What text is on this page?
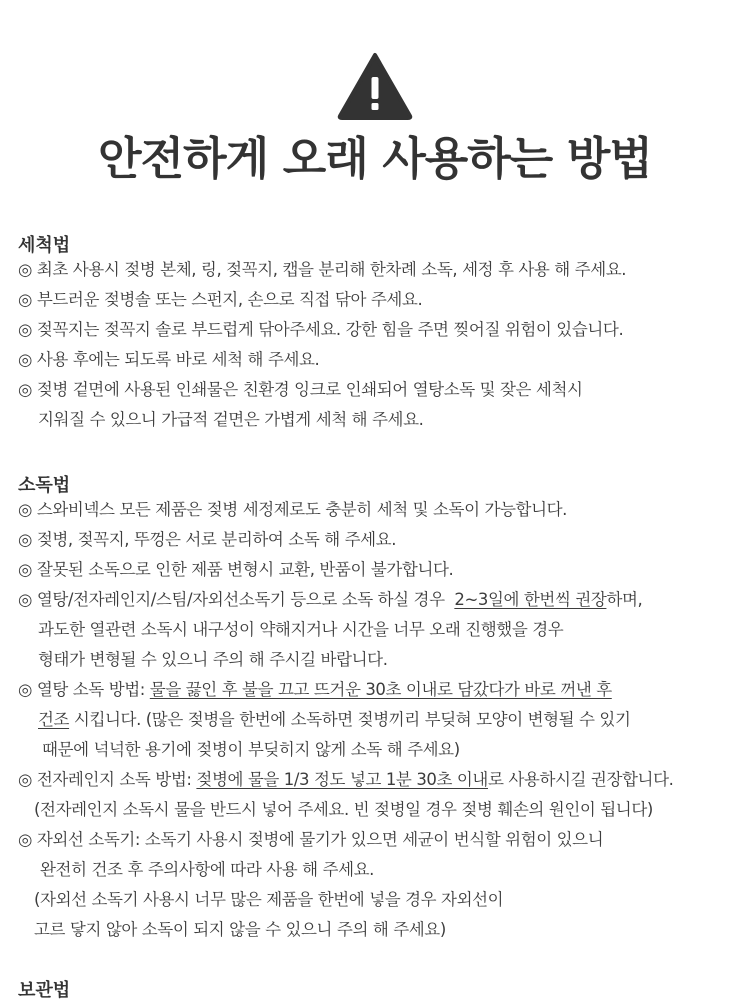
안전하게 오래 사용하는 방법
세척법
◎ 최초 사용시 젖병 본체, 링, 젖꼭지, 캡을 분리해 한차례 소독, 세정 후 사용 해 주세요.
◎ 부드러운 젖병솔 또는 스펀지, 손으로 직접 닦아 주세요.
◎ 젖꼭지는 젖꼭지 솔로 부드럽게 닦아주세요. 강한 힘을 주면 찢어질 위험이 있습니다.
◎ 사용 후에는 되도록 바로 세척 해 주세요.
◎ 젖병 겉면에 사용된 인쇄물은 친환경 잉크로 인쇄되어 열탕소독 및 잦은 세척시
지워질 수 있으니 가급적 겉면은 가볍게 세척 해 주세요.
소독법
◎ 스와비넥스 모든 제품은 젖병 세정제로도 충분히 세척 및 소독이 가능합니다.
◎ 젖병, 젖꼭지, 뚜껑은 서로 분리하여 소독 해 주세요.
◎ 잘못된 소독으로 인한 제품 변형시 교환, 반품이 불가합니다.
◎ 열탕/전자레인지/스팀/자외선소독기 등으로 소독 하실 경우 2~3일에 한번씩 권장하며,
과도한 열관련 소독시 내구성이 약해지거나 시간을 너무 오래 진행했을 경우
형태가 변형될 수 있으니 주의 해 주시길 바랍니다.
◎ 열탕 소독 방법: 물을 끓인 후 불을 끄고 뜨거운 30초 이내로 담갔다가 바로 꺼낸 후
건조 시킵니다. (많은 젖병을 한번에 소독하면 젖병끼리 부딪혀 모양이 변형될 수 있기
때문에 넉넉한 용기에 젖병이 부딪히지 않게 소독 해 주세요)
◎ 전자레인지 소독 방법: 젖병에 물을 1/3 정도 넣고 1분 30초 이내로 사용하시길 권장합니다.
(전자레인지 소독시 물을 반드시 넣어 주세요. 빈 젖병일 경우 젖병 훼손의 원인이 됩니다)
◎ 자외선 소독기: 소독기 사용시 젖병에 물기가 있으면 세균이 번식할 위험이 있으니
완전히 건조 후 주의사항에 따라 사용 해 주세요.
(자외선 소독기 사용시 너무 많은 제품을 한번에 넣을 경우 자외선이
고르 닿지 않아 소독이 되지 않을 수 있으니 주의 해 주세요)
보관법
